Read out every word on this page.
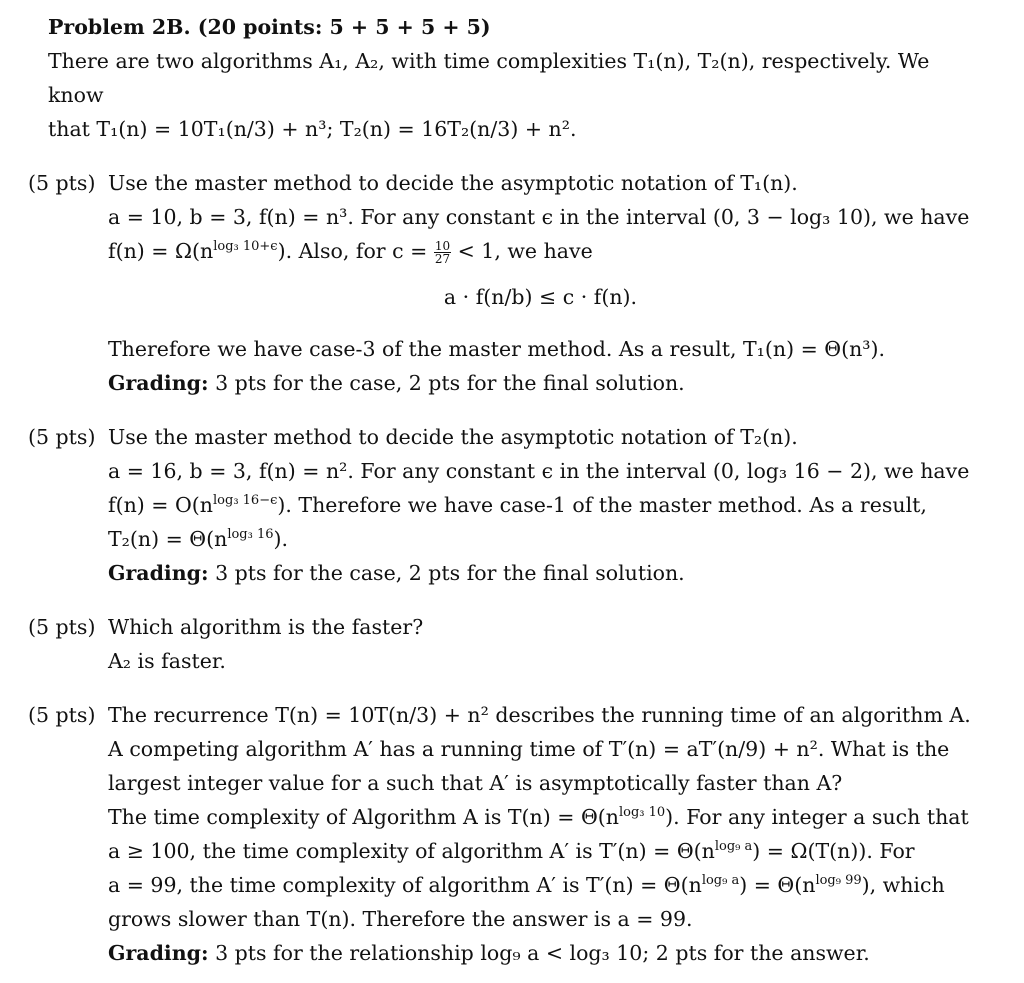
Problem 2B. (20 points: 5 + 5 + 5 + 5)

There are two algorithms A₁, A₂, with time complexities T₁(n), T₂(n), respectively. We know

that T₁(n) = 10T₁(n/3) + n³; T₂(n) = 16T₂(n/3) + n².

(5 pts) Use the master method to decide the asymptotic notation of T₁(n).

a = 10, b = 3, f(n) = n³. For any constant ϵ in the interval (0, 3 − log₃ 10), we have

$f(n) = \Omega(n^{log_3 10+\epsilon})$. Also, for $c = \frac{10}{27} < 1$, we have

a · f(n/b) ≤ c · f(n).

Therefore we have case-3 of the master method. As a result, T₁(n) = Θ(n³).

Grading: 3 pts for the case, 2 pts for the final solution.

(5 pts) Use the master method to decide the asymptotic notation of T₂(n).

a = 16, b = 3, f(n) = n². For any constant ϵ in the interval (0, log₃ 16 − 2), we have

$f(n) = O(n^{log_3 16-\epsilon})$. Therefore we have case-1 of the master method. As a result,

$T_2(n) = \Theta(n^{log_3 16})$.

Grading: 3 pts for the case, 2 pts for the final solution.

(5 pts) Which algorithm is the faster?

A₂ is faster.

(5 pts) The recurrence T(n) = 10T(n/3) + n² describes the running time of an algorithm A.

A competing algorithm A′ has a running time of T′(n) = aT′(n/9) + n². What is the

largest integer value for a such that A′ is asymptotically faster than A?

The time complexity of Algorithm A is $T(n) = \Theta(n^{log_3 10})$. For any integer a such that

a ≥ 100, the time complexity of algorithm A′ is $T'(n) = \Theta(n^{log_9 a}) = \Omega(T(n))$. For

a = 99, the time complexity of algorithm A′ is $T'(n) = \Theta(n^{log_9 a}) = \Theta(n^{log_9 99})$, which

grows slower than T(n). Therefore the answer is a = 99.

Grading: 3 pts for the relationship log₉ a < log₃ 10; 2 pts for the answer.
